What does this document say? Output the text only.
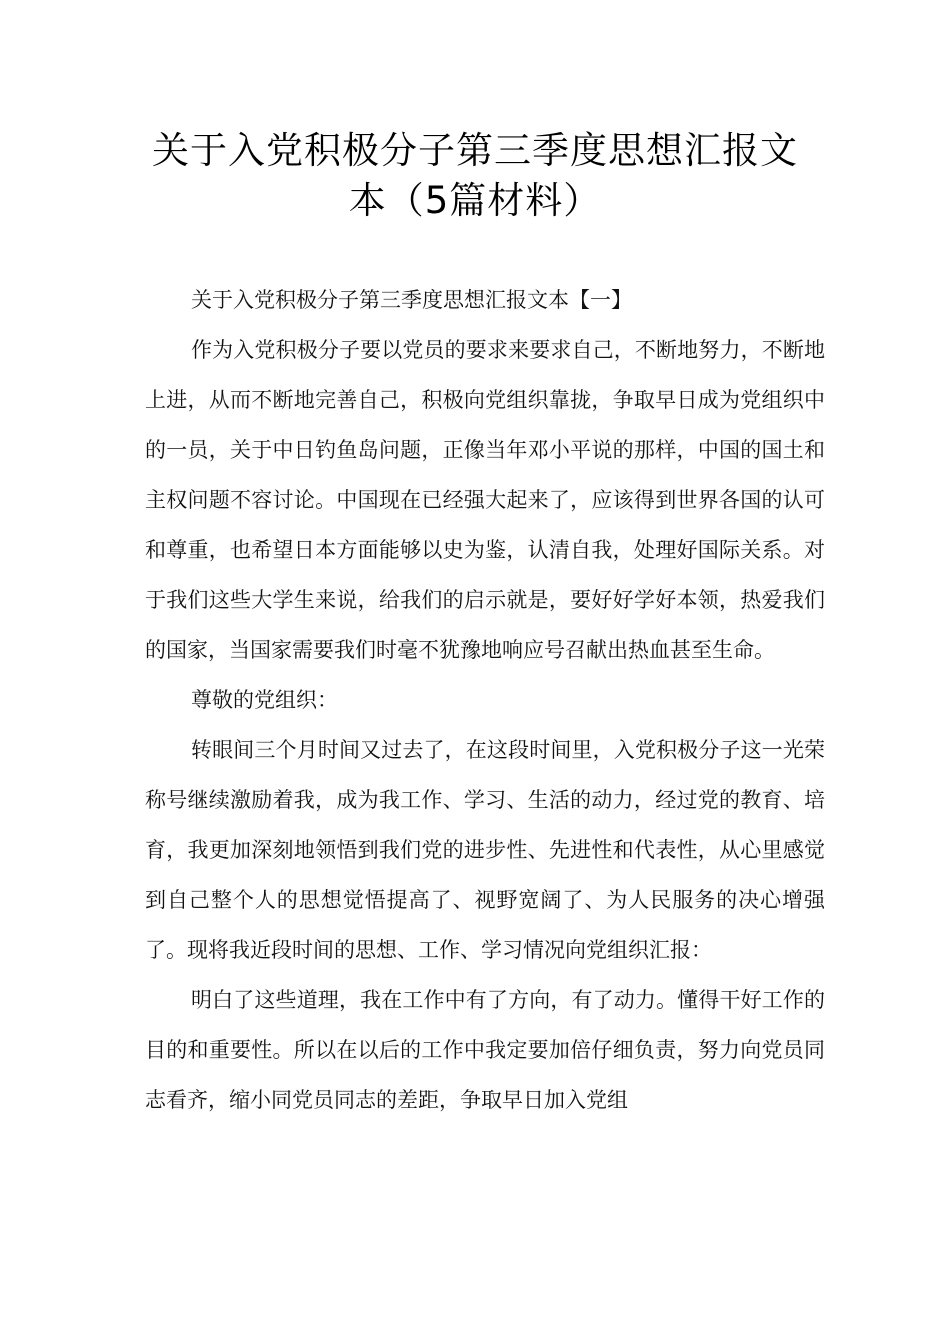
关于入党积极分子第三季度思想汇报文
本（5篇材料）

关于入党积极分子第三季度思想汇报文本【一】

作为入党积极分子要以党员的要求来要求自己，不断地努力，不断地上进，从而不断地完善自己，积极向党组织靠拢，争取早日成为党组织中的一员，关于中日钓鱼岛问题，正像当年邓小平说的那样，中国的国土和主权问题不容讨论。中国现在已经强大起来了，应该得到世界各国的认可和尊重，也希望日本方面能够以史为鉴，认清自我，处理好国际关系。对于我们这些大学生来说，给我们的启示就是，要好好学好本领，热爱我们的国家，当国家需要我们时毫不犹豫地响应号召献出热血甚至生命。

尊敬的党组织：

转眼间三个月时间又过去了，在这段时间里，入党积极分子这一光荣称号继续激励着我，成为我工作、学习、生活的动力，经过党的教育、培育，我更加深刻地领悟到我们党的进步性、先进性和代表性，从心里感觉到自己整个人的思想觉悟提高了、视野宽阔了、为人民服务的决心增强了。现将我近段时间的思想、工作、学习情况向党组织汇报：

明白了这些道理，我在工作中有了方向，有了动力。懂得干好工作的目的和重要性。所以在以后的工作中我定要加倍仔细负责，努力向党员同志看齐，缩小同党员同志的差距，争取早日加入党组
